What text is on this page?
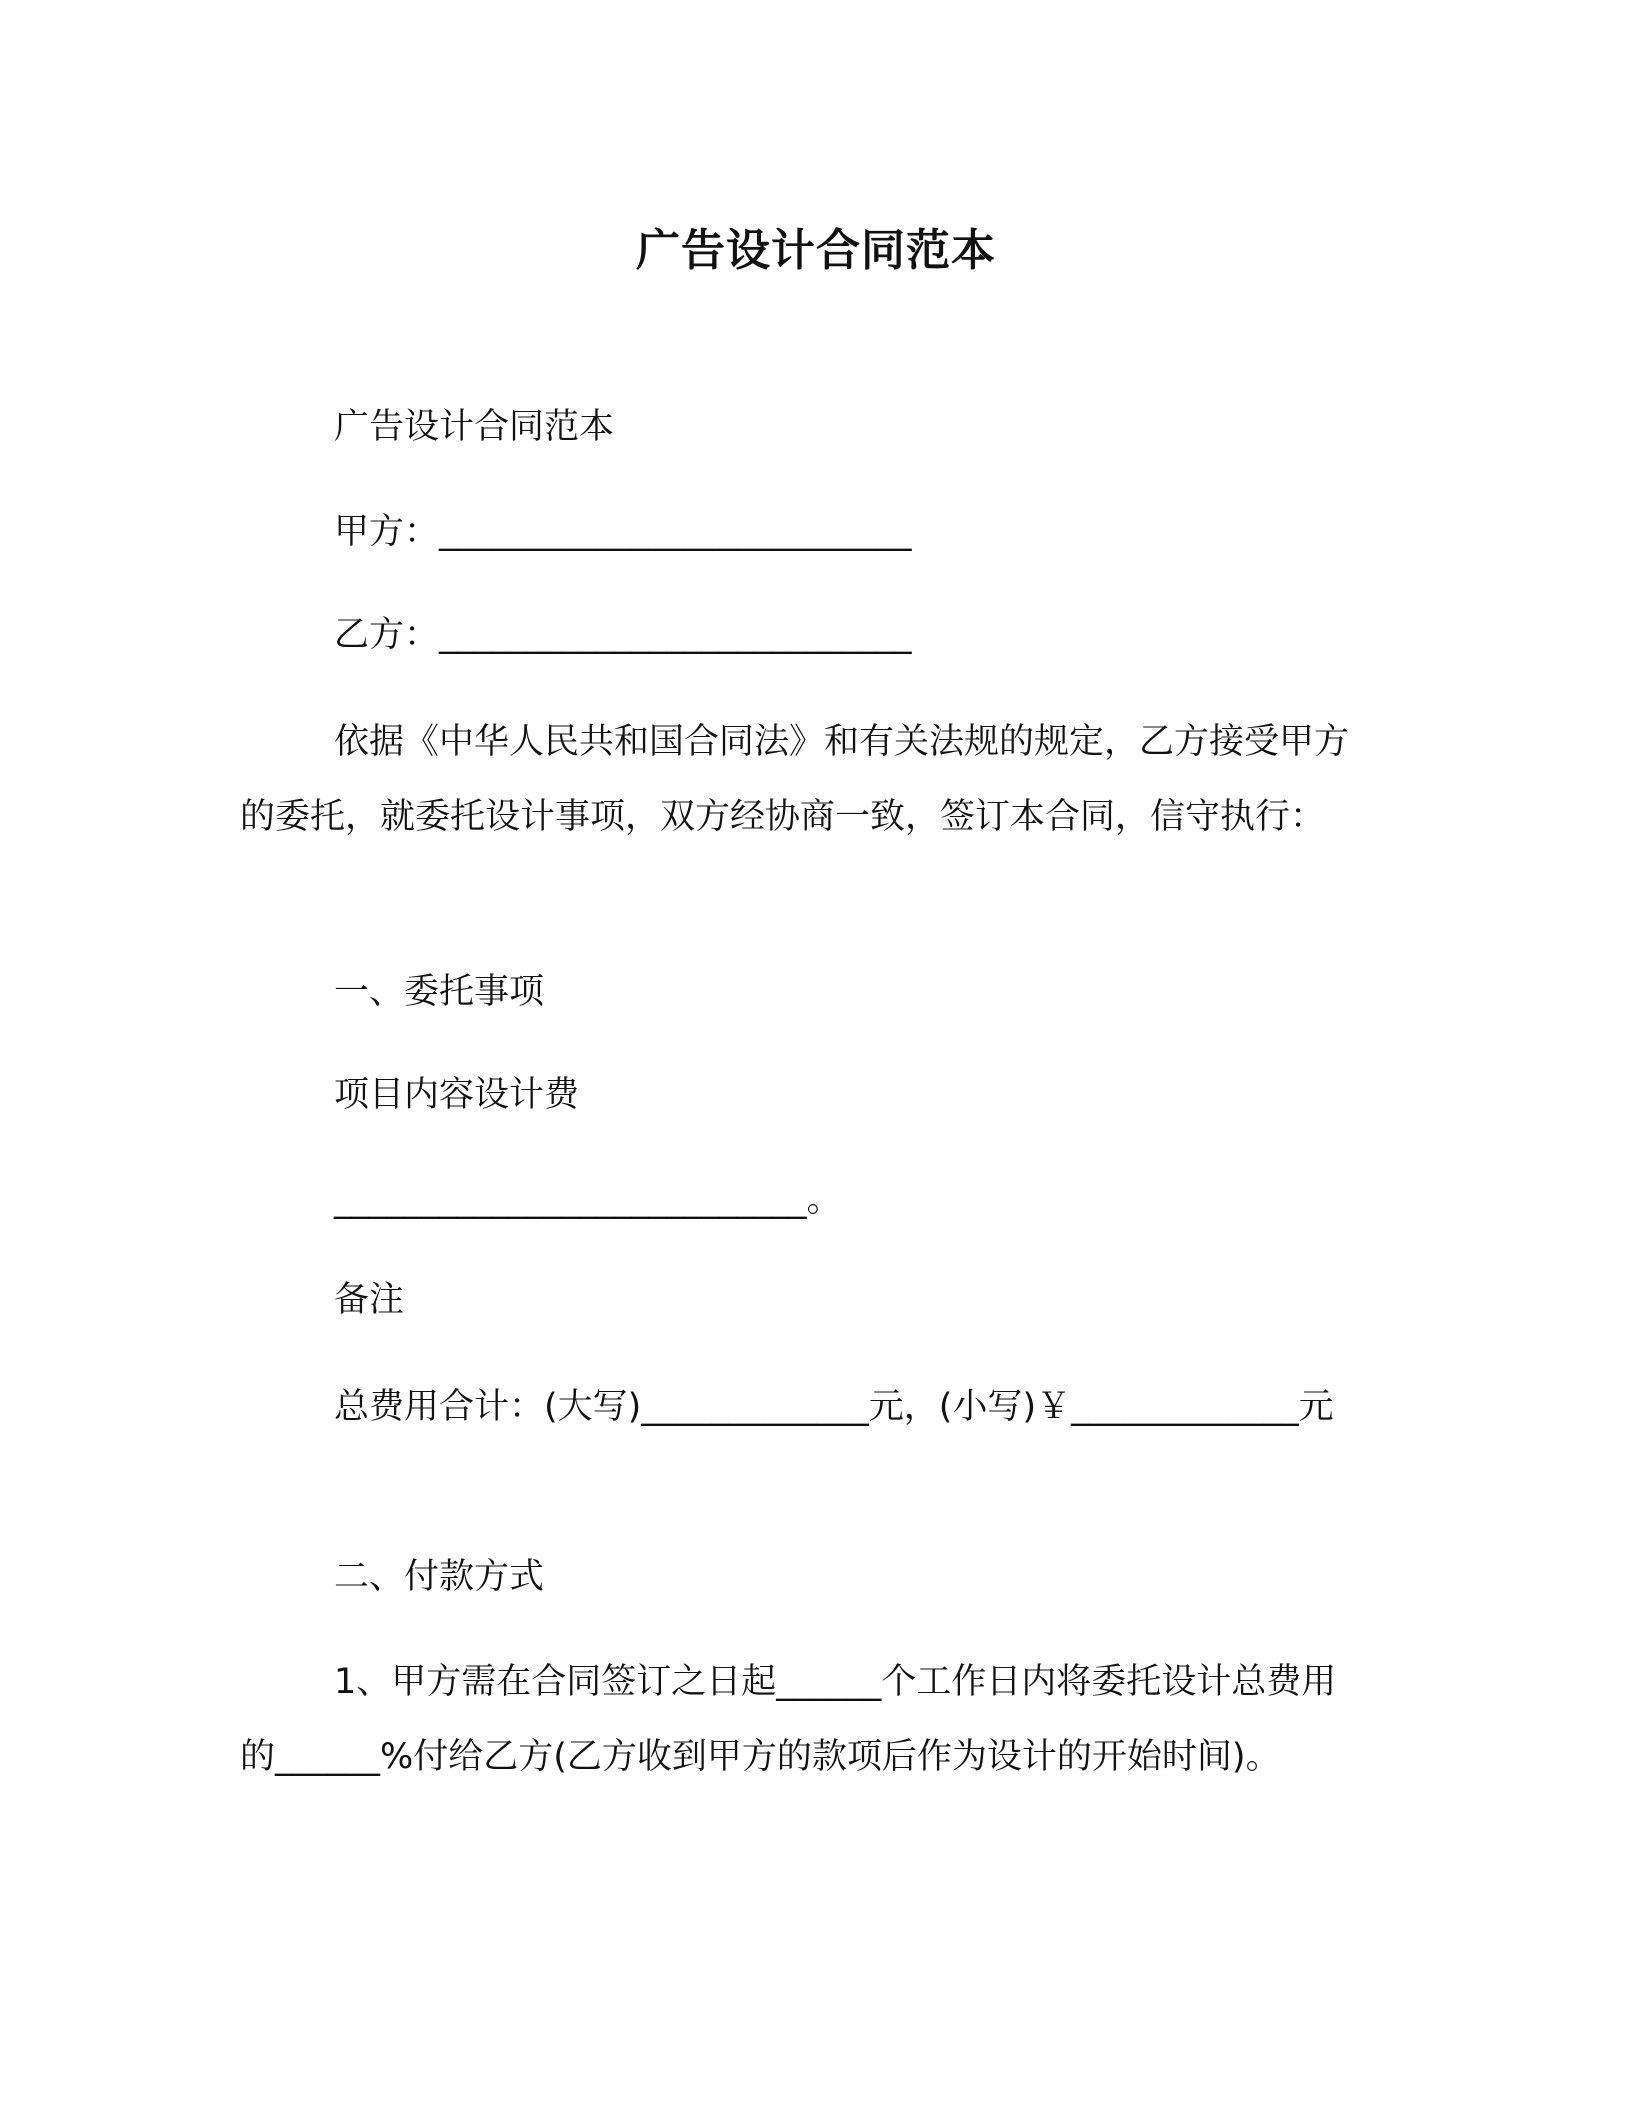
广告设计合同范本

广告设计合同范本

甲方：___________________________

乙方：___________________________

依据《中华人民共和国合同法》和有关法规的规定，乙方接受甲方的委托，就委托设计事项，双方经协商一致，签订本合同，信守执行：

一、委托事项

项目内容设计费

___________________________。

备注

总费用合计：(大写)_____________元，(小写)￥_____________元

二、付款方式

1、甲方需在合同签订之日起______个工作日内将委托设计总费用的______%付给乙方(乙方收到甲方的款项后作为设计的开始时间)。
